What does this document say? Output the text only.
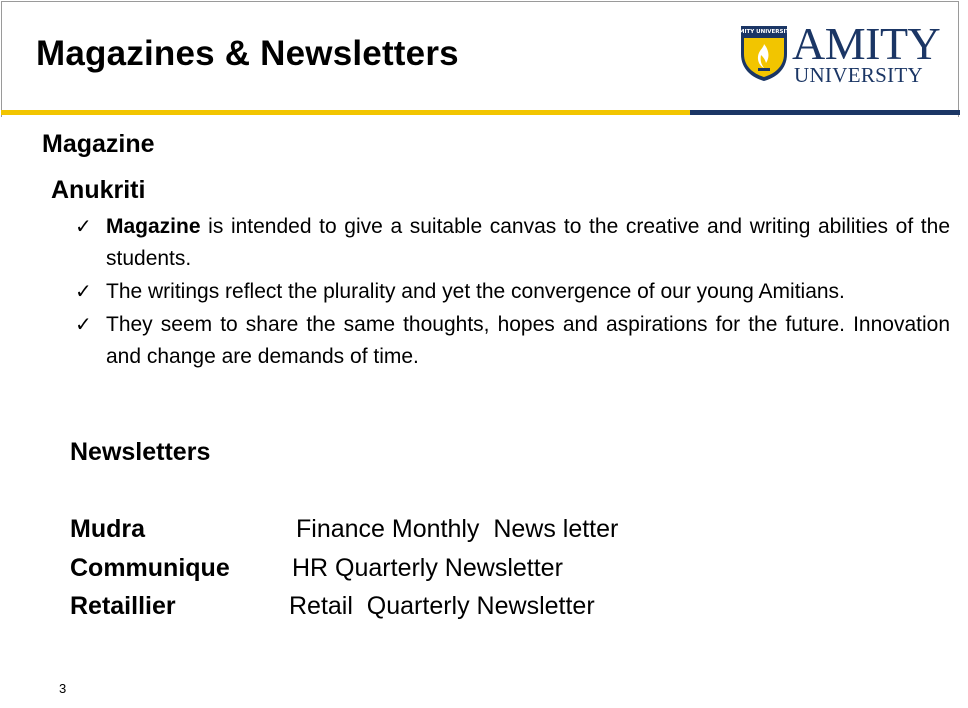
Magazines & Newsletters
AMITY UNIVERSITY
AMITY
UNIVERSITY
Magazine
Anukriti
✓ Magazine is intended to give a suitable canvas to the creative and writing abilities of the students.
✓ The writings reflect the plurality and yet the convergence of our young Amitians.
✓ They seem to share the same thoughts, hopes and aspirations for the future. Innovation and change are demands of time.
Newsletters
Mudra	Finance Monthly  News letter
Communique HR Quarterly Newsletter
Retaillier	Retail  Quarterly Newsletter
3
